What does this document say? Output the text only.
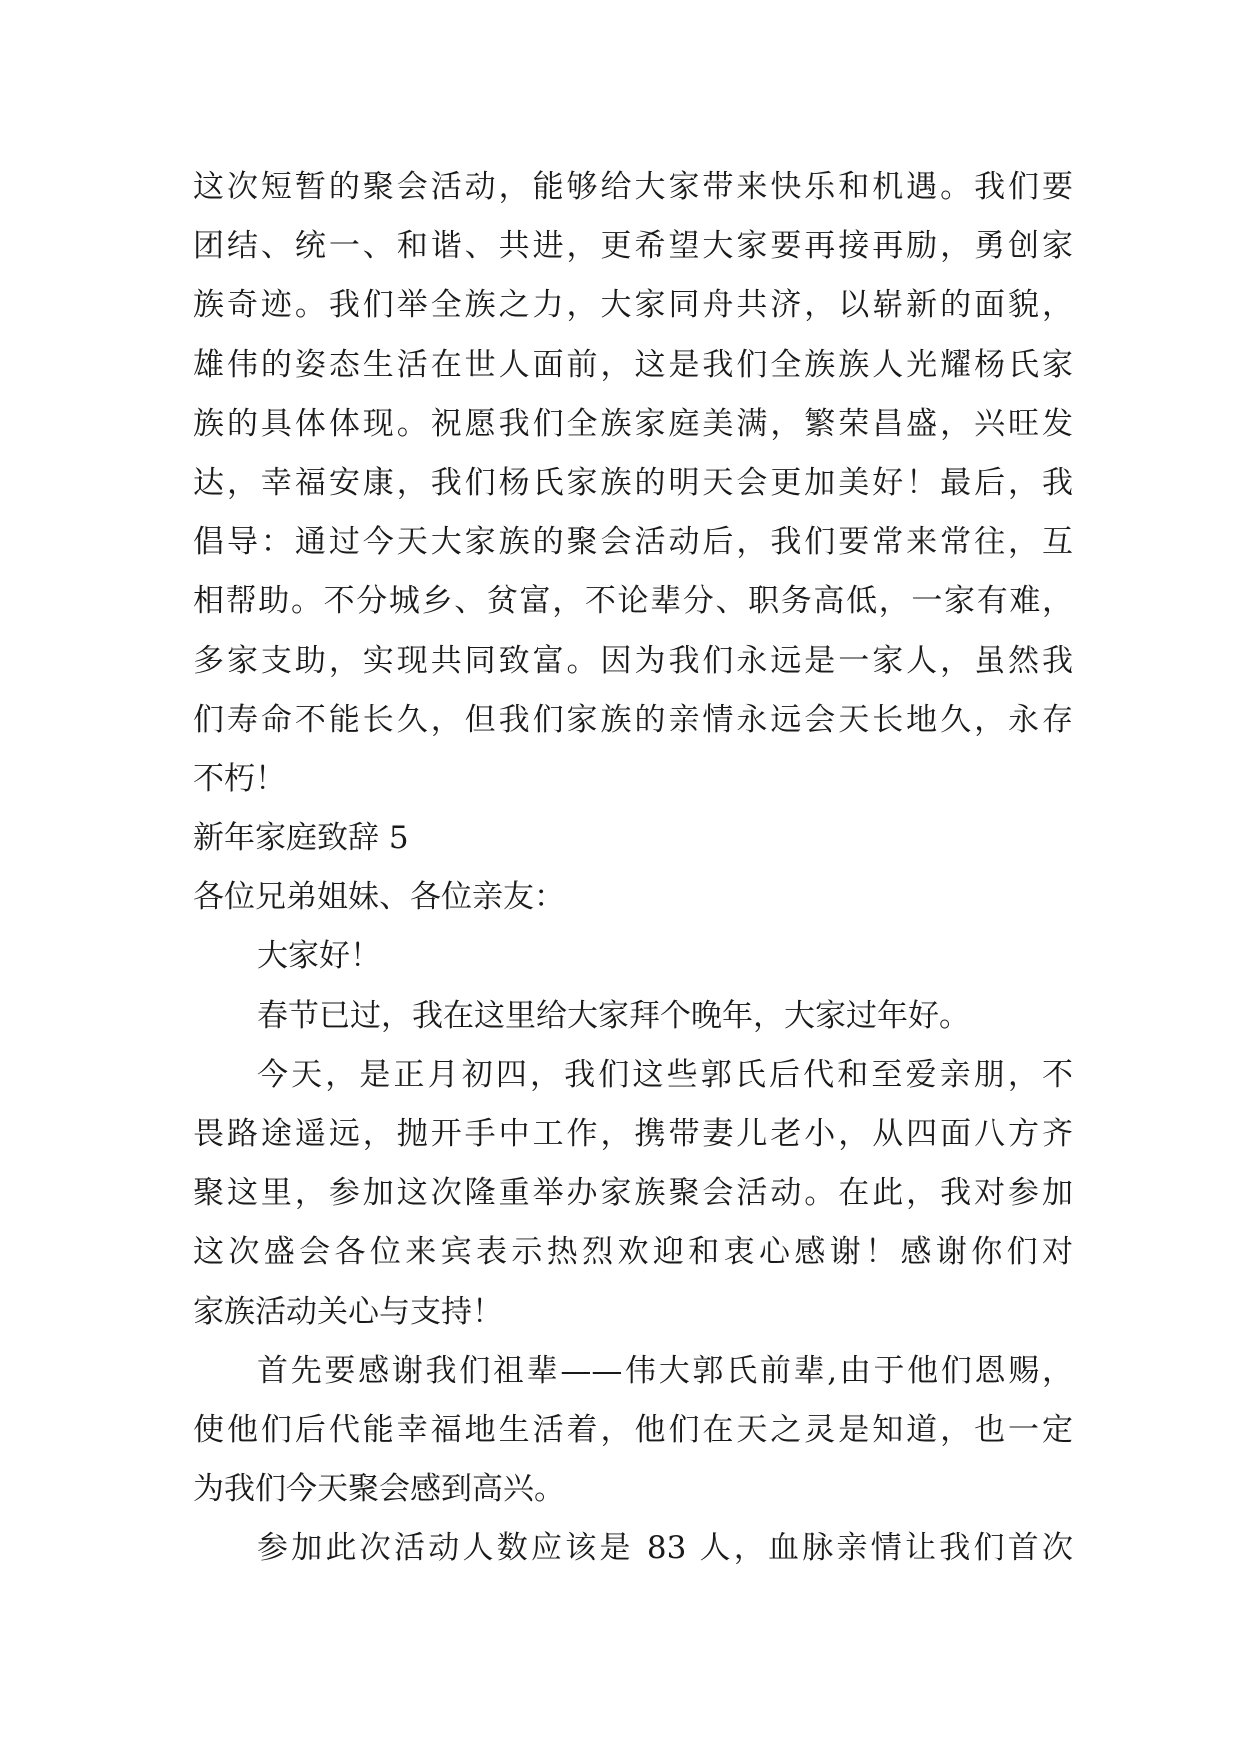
这次短暂的聚会活动，能够给大家带来快乐和机遇。我们要
团结、统一、和谐、共进，更希望大家要再接再励，勇创家
族奇迹。我们举全族之力，大家同舟共济，以崭新的面貌，
雄伟的姿态生活在世人面前，这是我们全族族人光耀杨氏家
族的具体体现。祝愿我们全族家庭美满，繁荣昌盛，兴旺发
达，幸福安康，我们杨氏家族的明天会更加美好！最后，我
倡导：通过今天大家族的聚会活动后，我们要常来常往，互
相帮助。不分城乡、贫富，不论辈分、职务高低，一家有难，
多家支助，实现共同致富。因为我们永远是一家人，虽然我
们寿命不能长久，但我们家族的亲情永远会天长地久，永存
不朽！
新年家庭致辞 5
各位兄弟姐妹、各位亲友：
大家好！
春节已过，我在这里给大家拜个晚年，大家过年好。
今天，是正月初四，我们这些郭氏后代和至爱亲朋，不
畏路途遥远，抛开手中工作，携带妻儿老小，从四面八方齐
聚这里，参加这次隆重举办家族聚会活动。在此，我对参加
这次盛会各位来宾表示热烈欢迎和衷心感谢！感谢你们对
家族活动关心与支持！
首先要感谢我们祖辈——伟大郭氏前辈,由于他们恩赐，
使他们后代能幸福地生活着，他们在天之灵是知道，也一定
为我们今天聚会感到高兴。
参加此次活动人数应该是 83 人，血脉亲情让我们首次
